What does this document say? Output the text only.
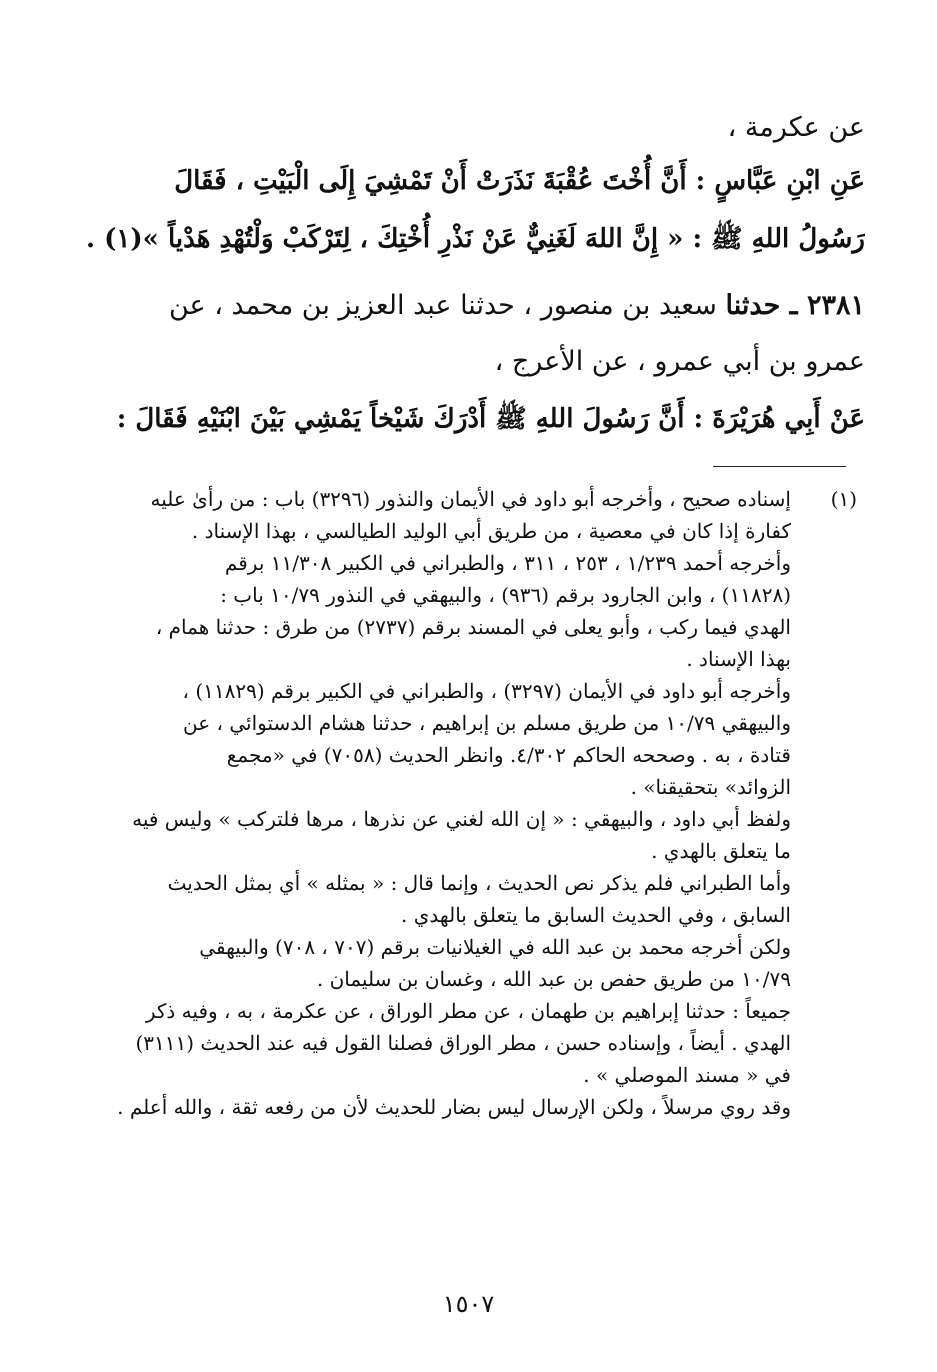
عن عكرمة ،
عَنِ ابْنِ عَبَّاسٍ : أَنَّ أُخْتَ عُقْبَةَ نَذَرَتْ أَنْ تَمْشِيَ إِلَى الْبَيْتِ ، فَقَالَ
رَسُولُ اللهِ ﷺ : « إِنَّ اللهَ لَغَنِيٌّ عَنْ نَذْرِ أُخْتِكَ ، لِتَرْكَبْ وَلْتُهْدِ هَدْياً »(١) .
٢٣٨١ ـ حدثنا سعيد بن منصور ، حدثنا عبد العزيز بن محمد ، عن
عمرو بن أبي عمرو ، عن الأعرج ،
عَنْ أَبِي هُرَيْرَةَ : أَنَّ رَسُولَ اللهِ ﷺ أَدْرَكَ شَيْخاً يَمْشِي بَيْنَ ابْنَيْهِ فَقَالَ :
(١)
إسناده صحيح ، وأخرجه أبو داود في الأيمان والنذور (٣٢٩٦) باب : من رأىٰ عليه
كفارة إذا كان في معصية ، من طريق أبي الوليد الطيالسي ، بهذا الإسناد .
وأخرجه أحمد ١/٢٣٩ ، ٢٥٣ ، ٣١١ ، والطبراني في الكبير ١١/٣٠٨ برقم
(١١٨٢٨) ، وابن الجارود برقم (٩٣٦) ، والبيهقي في النذور ١٠/٧٩ باب :
الهدي فيما ركب ، وأبو يعلى في المسند برقم (٢٧٣٧) من طرق : حدثنا همام ،
بهذا الإسناد .
وأخرجه أبو داود في الأيمان (٣٢٩٧) ، والطبراني في الكبير برقم (١١٨٢٩) ،
والبيهقي ١٠/٧٩ من طريق مسلم بن إبراهيم ، حدثنا هشام الدستوائي ، عن
قتادة ، به . وصححه الحاكم ٤/٣٠٢. وانظر الحديث (٧٠٥٨) في «مجمع
الزوائد» بتحقيقنا» .
ولفظ أبي داود ، والبيهقي : « إن الله لغني عن نذرها ، مرها فلتركب » وليس فيه
ما يتعلق بالهدي .
وأما الطبراني فلم يذكر نص الحديث ، وإنما قال : « بمثله » أي بمثل الحديث
السابق ، وفي الحديث السابق ما يتعلق بالهدي .
ولكن أخرجه محمد بن عبد الله في الغيلانيات برقم (٧٠٧ ، ٧٠٨) والبيهقي
١٠/٧٩ من طريق حفص بن عبد الله ، وغسان بن سليمان .
جميعاً : حدثنا إبراهيم بن طهمان ، عن مطر الوراق ، عن عكرمة ، به ، وفيه ذكر
الهدي . أيضاً ، وإسناده حسن ، مطر الوراق فصلنا القول فيه عند الحديث (٣١١١)
في « مسند الموصلي » .
وقد روي مرسلاً ، ولكن الإرسال ليس بضار للحديث لأن من رفعه ثقة ، والله أعلم .
١٥٠٧
